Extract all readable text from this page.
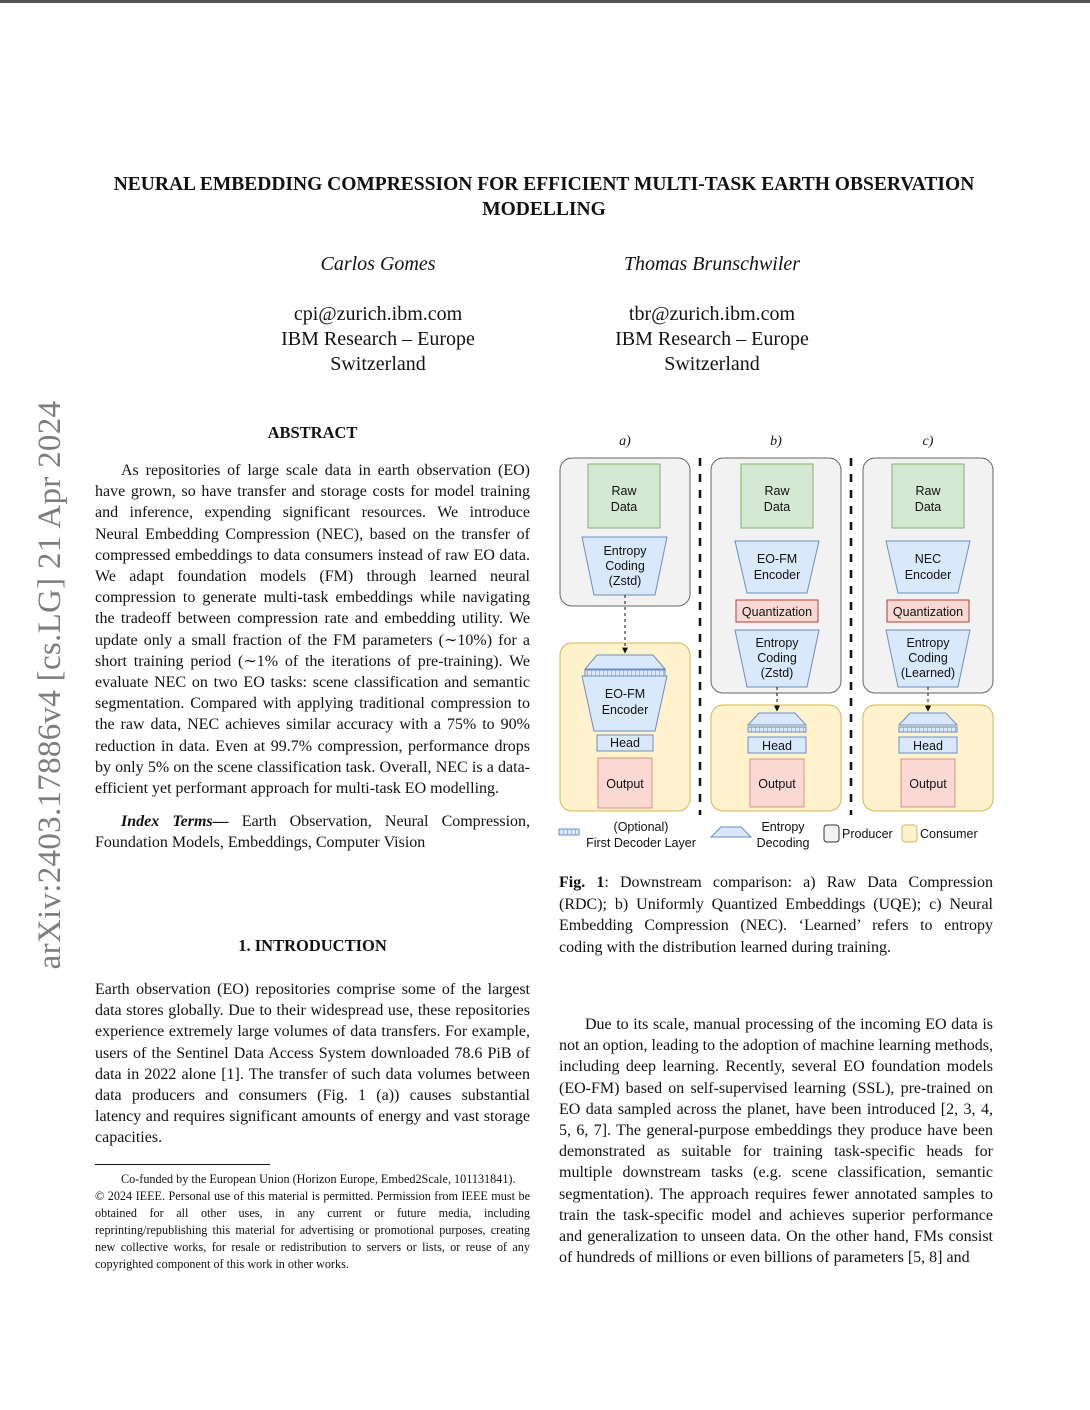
arXiv:2403.17886v4 [cs.LG] 21 Apr 2024
NEURAL EMBEDDING COMPRESSION FOR EFFICIENT MULTI-TASK EARTH OBSERVATION MODELLING
Carlos Gomes
cpi@zurich.ibm.com
IBM Research – Europe
Switzerland
Thomas Brunschwiler
tbr@zurich.ibm.com
IBM Research – Europe
Switzerland
ABSTRACT

As repositories of large scale data in earth observation (EO) have grown, so have transfer and storage costs for model training and inference, expending significant resources. We introduce Neural Embedding Compression (NEC), based on the transfer of compressed embeddings to data consumers instead of raw EO data. We adapt foundation models (FM) through learned neural compression to generate multi-task embeddings while navigating the tradeoff between compression rate and embedding utility. We update only a small fraction of the FM parameters (∼10%) for a short training period (∼1% of the iterations of pre-training). We evaluate NEC on two EO tasks: scene classification and semantic segmentation. Compared with applying traditional compression to the raw data, NEC achieves similar accuracy with a 75% to 90% reduction in data. Even at 99.7% compression, performance drops by only 5% on the scene classification task. Overall, NEC is a data-efficient yet performant approach for multi-task EO modelling.

Index Terms— Earth Observation, Neural Compression, Foundation Models, Embeddings, Computer Vision

1. INTRODUCTION

Earth observation (EO) repositories comprise some of the largest data stores globally. Due to their widespread use, these repositories experience extremely large volumes of data transfers. For example, users of the Sentinel Data Access System downloaded 78.6 PiB of data in 2022 alone [1]. The transfer of such data volumes between data producers and consumers (Fig. 1 (a)) causes substantial latency and requires significant amounts of energy and vast storage capacities.

Co-funded by the European Union (Horizon Europe, Embed2Scale, 101131841).

© 2024 IEEE. Personal use of this material is permitted. Permission from IEEE must be obtained for all other uses, in any current or future media, including reprinting/republishing this material for advertising or promotional purposes, creating new collective works, for resale or redistribution to servers or lists, or reuse of any copyrighted component of this work in other works.

a)	b)	c)
Raw
Data
Entropy
Coding
(Zstd)
EO-FM
Encoder
Head
Output
Raw
Data
EO-FM
Encoder
Quantization
Entropy
Coding
(Zstd)
Head
Output
Raw
Data
NEC
Encoder
Quantization
Entropy
Coding
(Learned)
Head
Output
(Optional)
First Decoder Layer
Entropy
Decoding
Producer Consumer
Fig. 1: Downstream comparison: a) Raw Data Compression (RDC); b) Uniformly Quantized Embeddings (UQE); c) Neural Embedding Compression (NEC). ‘Learned’ refers to entropy coding with the distribution learned during training.

Due to its scale, manual processing of the incoming EO data is not an option, leading to the adoption of machine learning methods, including deep learning. Recently, several EO foundation models (EO-FM) based on self-supervised learning (SSL), pre-trained on EO data sampled across the planet, have been introduced [2, 3, 4, 5, 6, 7]. The general-purpose embeddings they produce have been demonstrated as suitable for training task-specific heads for multiple downstream tasks (e.g. scene classification, semantic segmentation). The approach requires fewer annotated samples to train the task-specific model and achieves superior performance and generalization to unseen data. On the other hand, FMs consist of hundreds of millions or even billions of parameters [5, 8] and
